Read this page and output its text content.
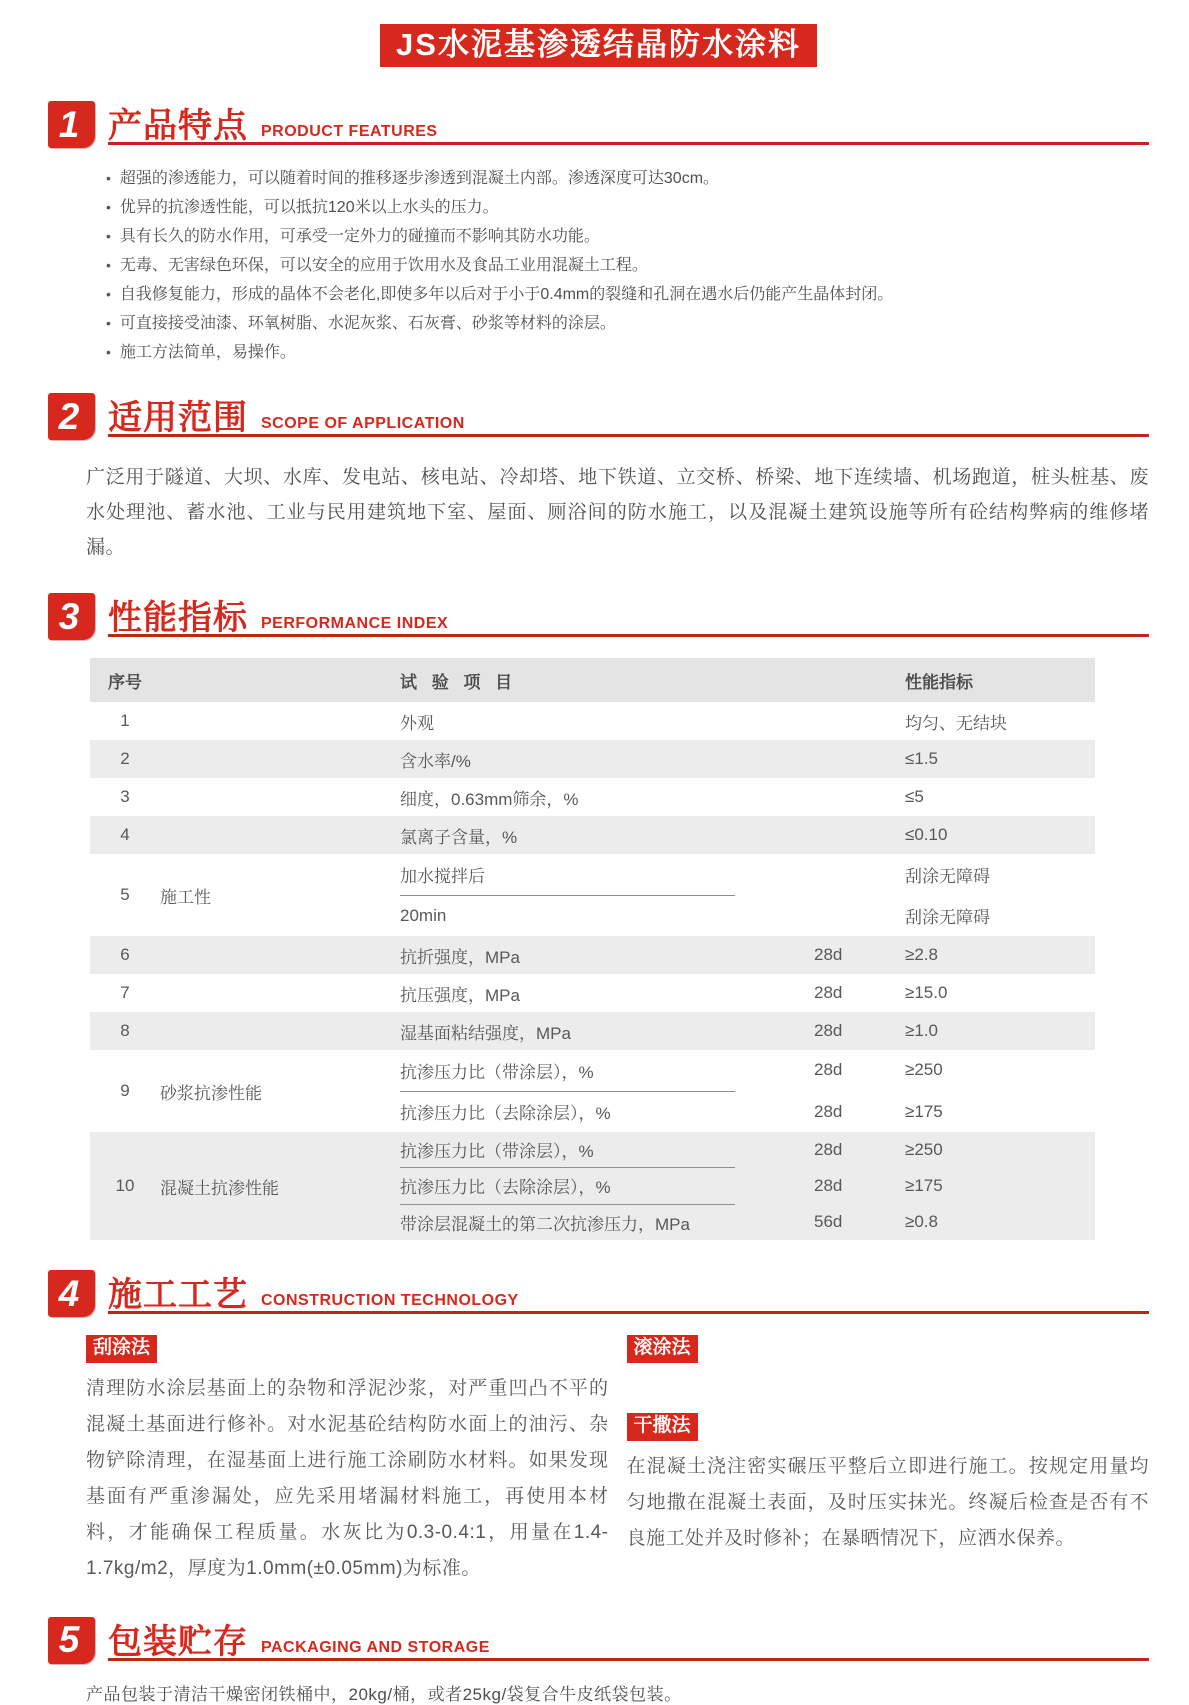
JS水泥基渗透结晶防水涂料
1 产品特点 PRODUCT FEATURES
• 超强的渗透能力，可以随着时间的推移逐步渗透到混凝土内部。渗透深度可达30cm。
• 优异的抗渗透性能，可以抵抗120米以上水头的压力。
• 具有长久的防水作用，可承受一定外力的碰撞而不影响其防水功能。
• 无毒、无害绿色环保，可以安全的应用于饮用水及食品工业用混凝土工程。
• 自我修复能力，形成的晶体不会老化,即使多年以后对于小于0.4mm的裂缝和孔洞在遇水后仍能产生晶体封闭。
• 可直接接受油漆、环氧树脂、水泥灰浆、石灰膏、砂浆等材料的涂层。
• 施工方法简单，易操作。
2 适用范围 SCOPE OF APPLICATION

广泛用于隧道、大坝、水库、发电站、核电站、冷却塔、地下铁道、立交桥、桥梁、地下连续墙、机场跑道，桩头桩基、废水处理池、蓄水池、工业与民用建筑地下室、屋面、厕浴间的防水施工，以及混凝土建筑设施等所有砼结构弊病的维修堵漏。

3 性能指标 PERFORMANCE INDEX
序号	试 验 项 目	性能指标
1	外观	均匀、无结块
2	含水率/%	≤1.5
3	细度，0.63mm筛余，%	≤5
4	氯离子含量，%	≤0.10
5	施工性
加水搅拌后	刮涂无障碍
20min	刮涂无障碍
6	抗折强度，MPa	28d	≥2.8
7	抗压强度，MPa	28d	≥15.0
8	湿基面粘结强度，MPa	28d	≥1.0
9	砂浆抗渗性能
抗渗压力比（带涂层），%	28d	≥250
抗渗压力比（去除涂层），%	28d	≥175
10	混凝土抗渗性能
抗渗压力比（带涂层），%	28d	≥250
抗渗压力比（去除涂层），%	28d	≥175
带涂层混凝土的第二次抗渗压力，MPa	56d	≥0.8
4 施工工艺 CONSTRUCTION TECHNOLOGY
刮涂法

清理防水涂层基面上的杂物和浮泥沙浆，对严重凹凸不平的混凝土基面进行修补。对水泥基砼结构防水面上的油污、杂物铲除清理，在湿基面上进行施工涂刷防水材料。如果发现基面有严重渗漏处，应先采用堵漏材料施工，再使用本材料，才能确保工程质量。水灰比为0.3-0.4:1，用量在1.4-1.7kg/m2，厚度为1.0mm(±0.05mm)为标准。

滚涂法
干撒法

在混凝土浇注密实碾压平整后立即进行施工。按规定用量均匀地撒在混凝土表面，及时压实抹光。终凝后检查是否有不良施工处并及时修补；在暴晒情况下，应洒水保养。

5 包装贮存 PACKAGING AND STORAGE

产品包装于清洁干燥密闭铁桶中，20kg/桶，或者25kg/袋复合牛皮纸袋包装。
